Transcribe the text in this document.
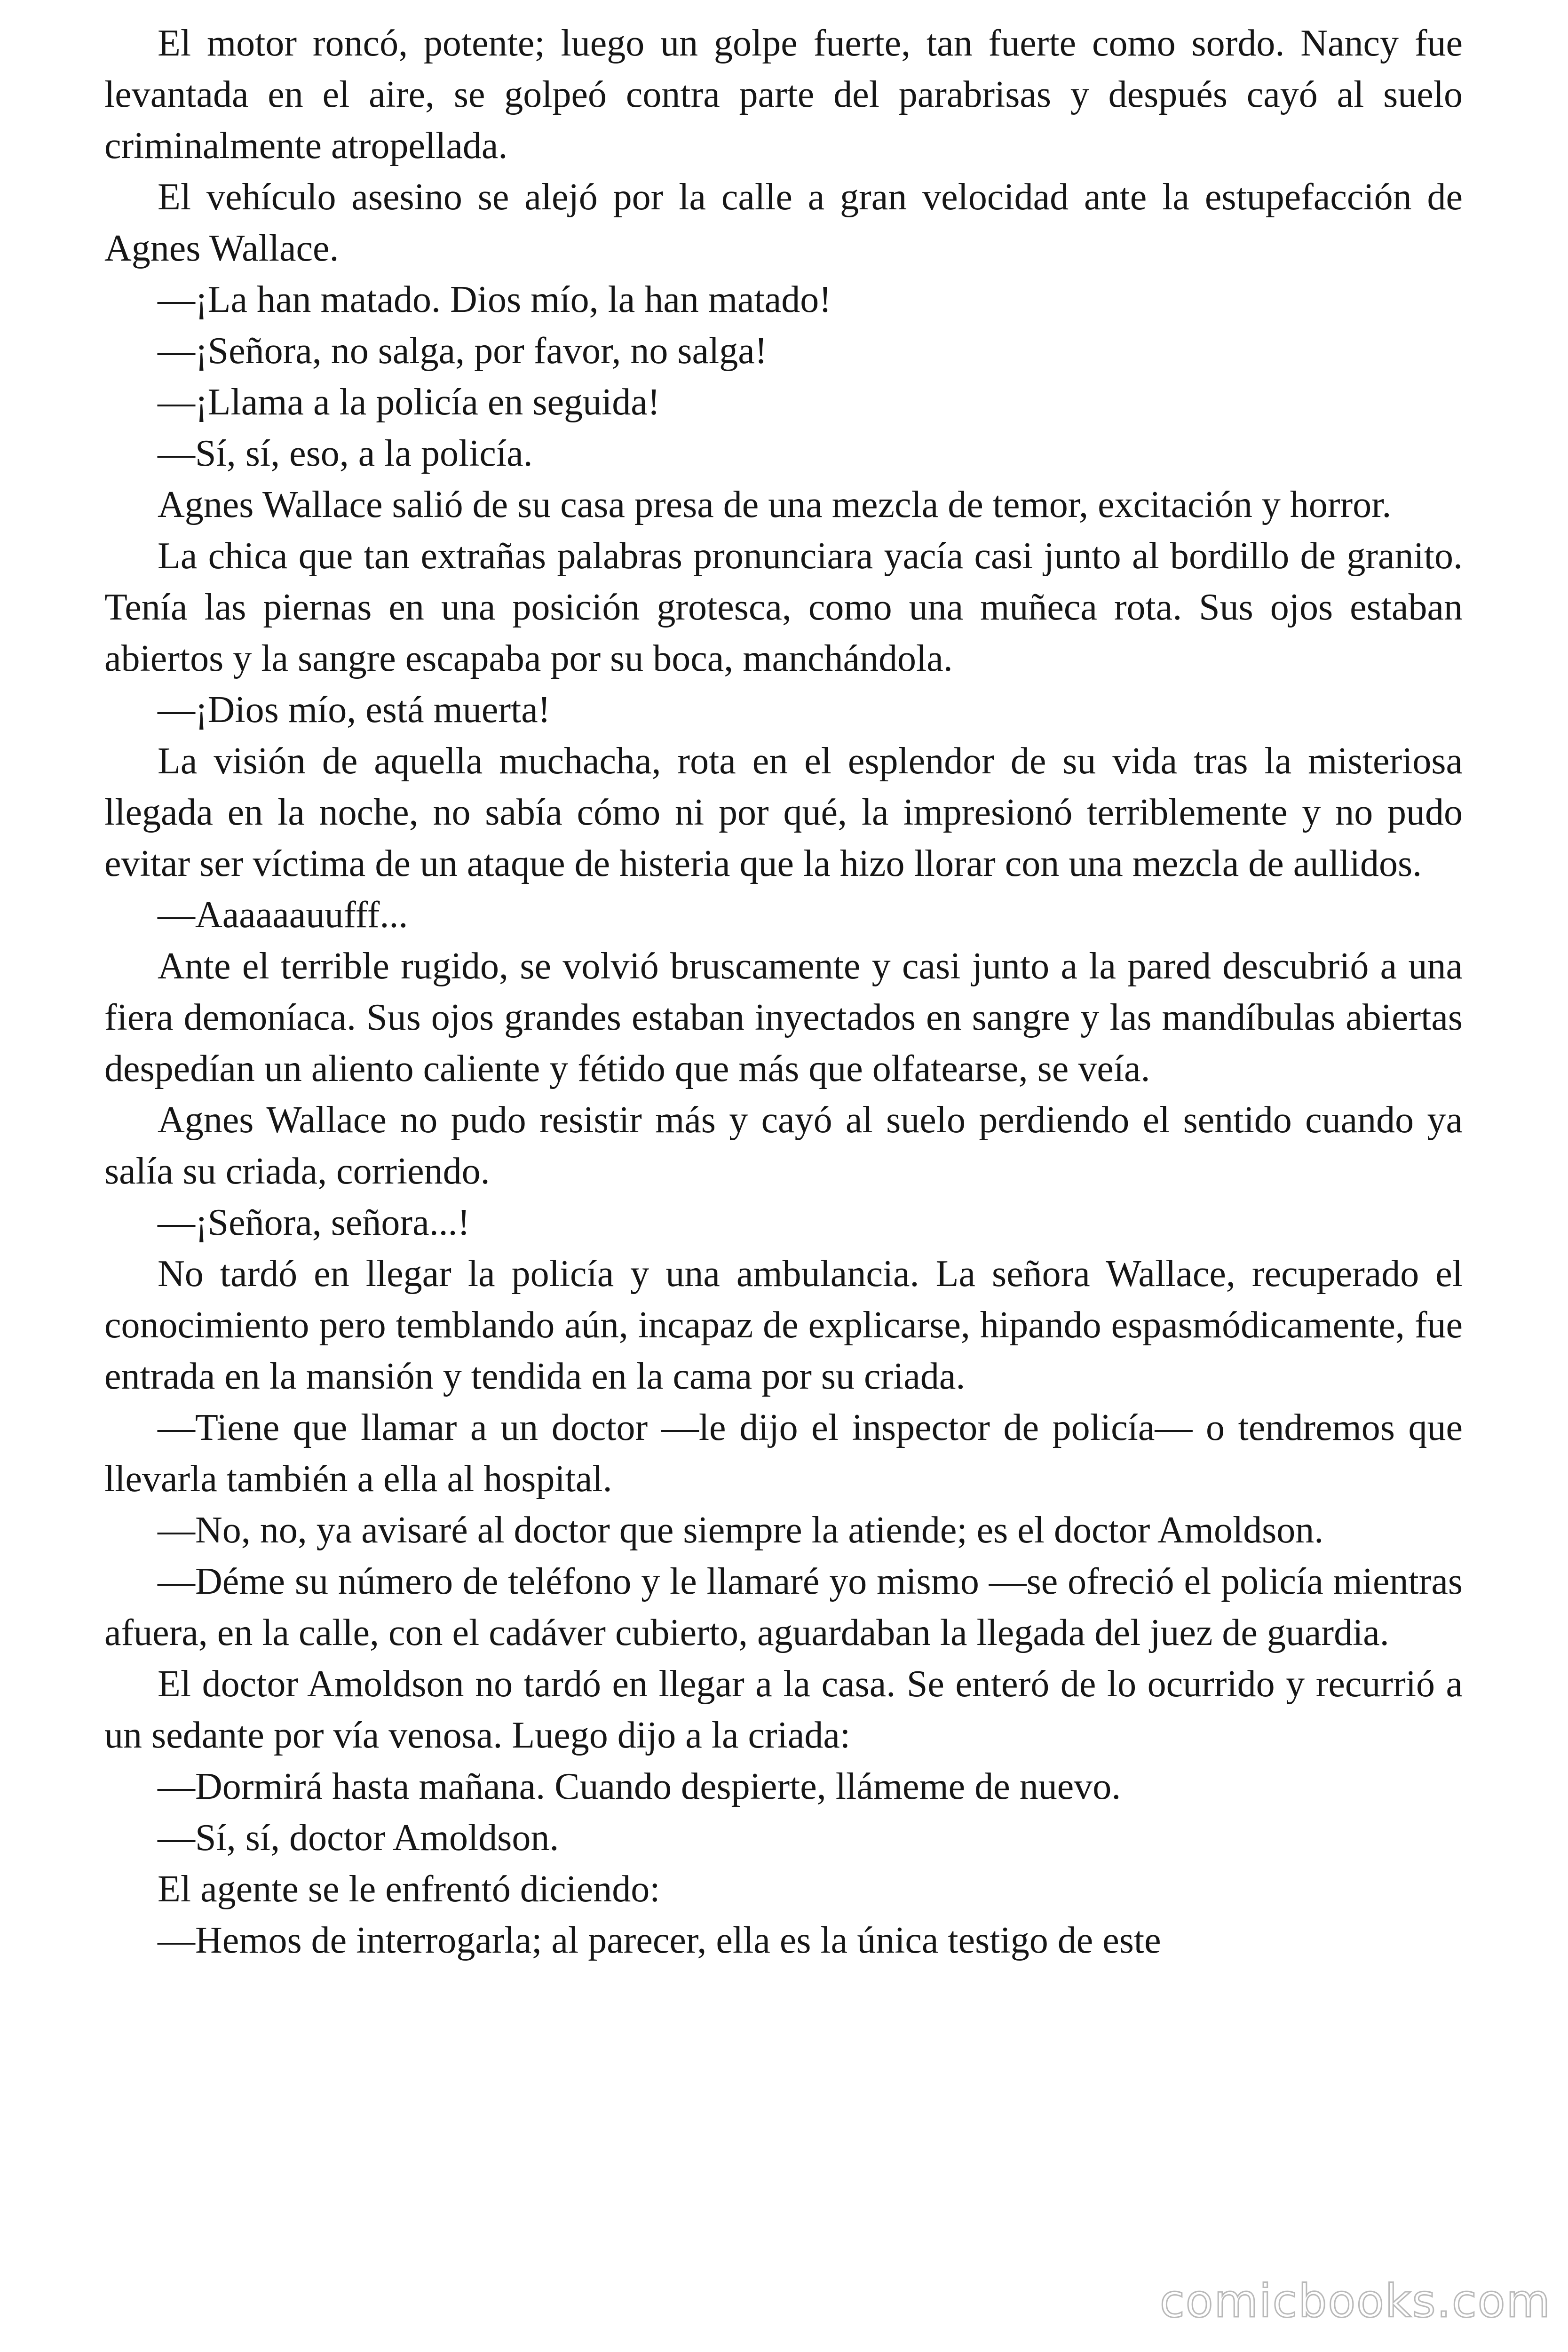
El motor roncó, potente; luego un golpe fuerte, tan fuerte como sordo. Nancy fue levantada en el aire, se golpeó contra parte del parabrisas y después cayó al suelo criminalmente atropellada.

El vehículo asesino se alejó por la calle a gran velocidad ante la estupefacción de Agnes Wallace.

—¡La han matado. Dios mío, la han matado!

—¡Señora, no salga, por favor, no salga!

—¡Llama a la policía en seguida!

—Sí, sí, eso, a la policía.

Agnes Wallace salió de su casa presa de una mezcla de temor, excitación y horror.

La chica que tan extrañas palabras pronunciara yacía casi junto al bordillo de granito. Tenía las piernas en una posición grotesca, como una muñeca rota. Sus ojos estaban abiertos y la sangre escapaba por su boca, manchándola.

—¡Dios mío, está muerta!

La visión de aquella muchacha, rota en el esplendor de su vida tras la misteriosa llegada en la noche, no sabía cómo ni por qué, la impresionó terriblemente y no pudo evitar ser víctima de un ataque de histeria que la hizo llorar con una mezcla de aullidos.

—Aaaaaauufff...

Ante el terrible rugido, se volvió bruscamente y casi junto a la pared descubrió a una fiera demoníaca. Sus ojos grandes estaban inyectados en sangre y las mandíbulas abiertas despedían un aliento caliente y fétido que más que olfatearse, se veía.

Agnes Wallace no pudo resistir más y cayó al suelo perdiendo el sentido cuando ya salía su criada, corriendo.

—¡Señora, señora...!

No tardó en llegar la policía y una ambulancia. La señora Wallace, recuperado el conocimiento pero temblando aún, incapaz de explicarse, hipando espasmódicamente, fue entrada en la mansión y tendida en la cama por su criada.

—Tiene que llamar a un doctor —le dijo el inspector de policía— o tendremos que llevarla también a ella al hospital.

—No, no, ya avisaré al doctor que siempre la atiende; es el doctor Amoldson.

—Déme su número de teléfono y le llamaré yo mismo —se ofreció el policía mientras afuera, en la calle, con el cadáver cubierto, aguardaban la llegada del juez de guardia.

El doctor Amoldson no tardó en llegar a la casa. Se enteró de lo ocurrido y recurrió a un sedante por vía venosa. Luego dijo a la criada:

—Dormirá hasta mañana. Cuando despierte, llámeme de nuevo.

—Sí, sí, doctor Amoldson.

El agente se le enfrentó diciendo:

—Hemos de interrogarla; al parecer, ella es la única testigo de este

comicbooks.com
